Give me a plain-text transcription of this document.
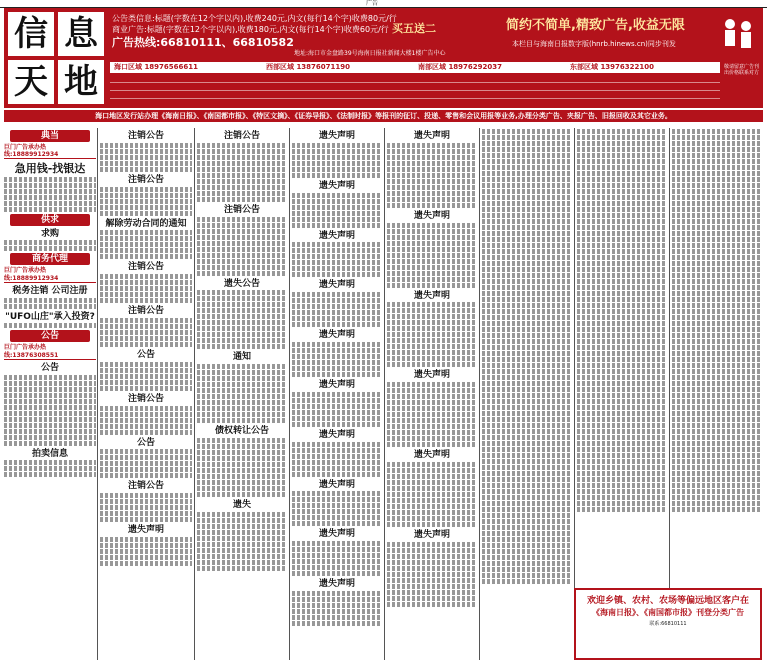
广告
信 息
天 地
公告类信息:标题(字数在12个字以内),收费240元,内文(每行14个字)收费80元/行
商业广告:标题(字数在12个字以内),收费180元,内文(每行14个字)收费60元/行
广告热线:66810111、66810582
地址:海口市金盘路39号海南日报社新闻大楼1楼广告中心
买五送二	简约不简单,精致广告,收益无限
本栏目与海南日报数字版(hnrb.hinews.cn)同步刊发
海口区域 18976566611	西部区域 13876071190	南部区域 18976292037	东部区域 13976322100	敬请留意广告刊出价格联系对方
海口地区发行站办理《海南日报》、《南国都市报》、《特区文摘》、《证券导报》、《法制时报》等报刊的征订、投递、零售和会议用报等业务,办理分类广告、夹报广告、旧报回收及其它业务。
典当
巨门广告承办热线:18889912934
急用钱-找银达
供求
求购
商务代理
巨门广告承办热线:18889912934
税务注销 公司注册
"UFO山庄"承入投资?
公告
巨门广告承办热线:13876308551
公告
拍卖信息
注销公告
注销公告
解除劳动合同的通知
注销公告
注销公告
公告
注销公告
公告
注销公告
遗失声明
注销公告
注销公告
遗失公告
通知
债权转让公告
遗失
遗失声明
遗失声明
遗失声明
遗失声明
遗失声明
遗失声明
遗失声明
遗失声明
遗失声明
遗失声明
遗失声明
遗失声明
遗失声明
遗失声明
遗失声明
遗失声明
欢迎乡镇、农村、农场等偏远地区客户在
《海南日报》、《南国都市报》刊登分类广告
联系:66810111
